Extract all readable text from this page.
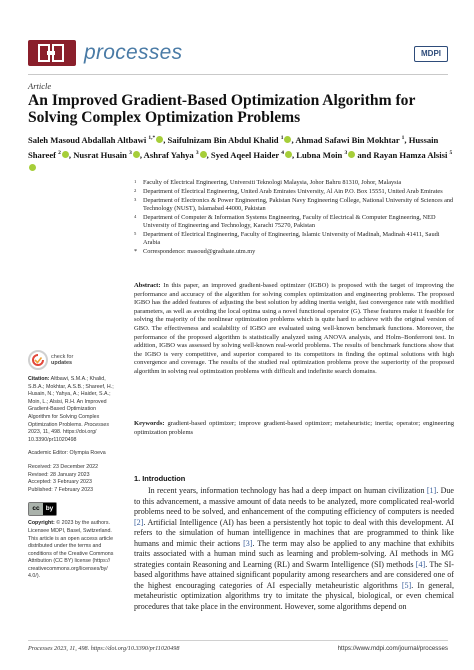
processes	MDPI
Article
An Improved Gradient-Based Optimization Algorithm for Solving Complex Optimization Problems
Saleh Masoud Abdallah Altbawi $^{1,*}$ , Saifulnizam Bin Abdul Khalid $^1$ , Ahmad Safawi Bin Mokhtar $^1$, Hussain Shareef $^2$ , Nusrat Husain $^3$ , Ashraf Yahya $^3$ , Syed Aqeel Haider $^4$ , Lubna Moin $^3$ and Rayan Hamza Alsisi $^5$
1 Faculty of Electrical Engineering, Universiti Teknologi Malaysia, Johor Bahru 81310, Johor, Malaysia
2 Department of Electrical Engineering, United Arab Emirates University, Al Ain P.O. Box 15551, United Arab Emirates
3 Department of Electronics & Power Engineering, Pakistan Navy Engineering College, National University of Sciences and Technology (NUST), Islamabad 44000, Pakistan
4 Department of Computer & Information Systems Engineering, Faculty of Electrical & Computer Engineering, NED University of Engineering and Technology, Karachi 75270, Pakistan
5 Department of Electrical Engineering, Faculty of Engineering, Islamic University of Madinah, Madinah 41411, Saudi Arabia
* Correspondence: masoud@graduate.utm.my
Abstract: In this paper, an improved gradient-based optimizer (IGBO) is proposed with the target of improving the performance and accuracy of the algorithm for solving complex optimization and engineering problems. The proposed IGBO has the added features of adjusting the best solution by adding inertia weight, fast convergence rate with modified parameters, as well as avoiding the local optima using a novel functional operator (G). These features make it feasible for solving the majority of the nonlinear optimization problems which is quite hard to achieve with the original version of GBO. The effectiveness and scalability of IGBO are evaluated using well-known benchmark functions. Moreover, the performance of the proposed algorithm is statistically analyzed using ANOVA analysis, and Holm–Bonferroni test. In addition, IGBO was assessed by solving well-known real-world problems. The results of benchmark functions show that the IGBO is very competitive, and superior compared to its competitors in finding the optimal solutions with high convergence and coverage. The results of the studied real optimization problems prove the superiority of the proposed algorithm in solving real optimization problems with difficult and indefinite search domains.
Keywords: gradient-based optimizer; improve gradient-based optimizer; metaheuristic; inertia; operator; engineering optimization problems
check for
updates

Citation: Altbawi, S.M.A.; Khalid, S.B.A.; Mokhtar, A.S.B.; Shareef, H.; Husain, N.; Yahya, A.; Haider, S.A.; Moin, L.; Alsisi, R.H. An Improved Gradient-Based Optimization Algorithm for Solving Complex Optimization Problems. Processes 2023, 11, 498. https://doi.org/ 10.3390/pr11020498

Academic Editor: Olympia Roeva

Received: 23 December 2022
Revised: 28 January 2023
Accepted: 3 February 2023
Published: 7 February 2023

cc by

Copyright: © 2023 by the authors. Licensee MDPI, Basel, Switzerland. This article is an open access article distributed under the terms and conditions of the Creative Commons Attribution (CC BY) license (https:// creativecommons.org/licenses/by/ 4.0/).

1. Introduction
In recent years, information technology has had a deep impact on human civilization [1]. Due to this advancement, a massive amount of data needs to be analyzed, more complicated real-world problems need to be solved, and enhancement of the computing efficiency of computers is needed [2]. Artificial Intelligence (AI) has been a persistently hot topic to deal with this development. AI refers to the simulation of human intelligence in machines that are programmed to think like humans and mimic their actions [3]. The term may also be applied to any machine that exhibits traits associated with a human mind such as learning and problem-solving. AI methods in MG strategies contain Reasoning and Learning (RL) and Swarm Intelligence (SI) methods [4]. The SI-based algorithms have attained significant popularity among researchers and are considered one of the highest encouraging categories of AI especially metaheuristic algorithms [5]. In general, metaheuristic optimization algorithms try to imitate the physical, biological, or even chemical procedures that take place in the environment. However, some algorithms depend on
Processes 2023, 11, 498. https://doi.org/10.3390/pr11020498	https://www.mdpi.com/journal/processes
